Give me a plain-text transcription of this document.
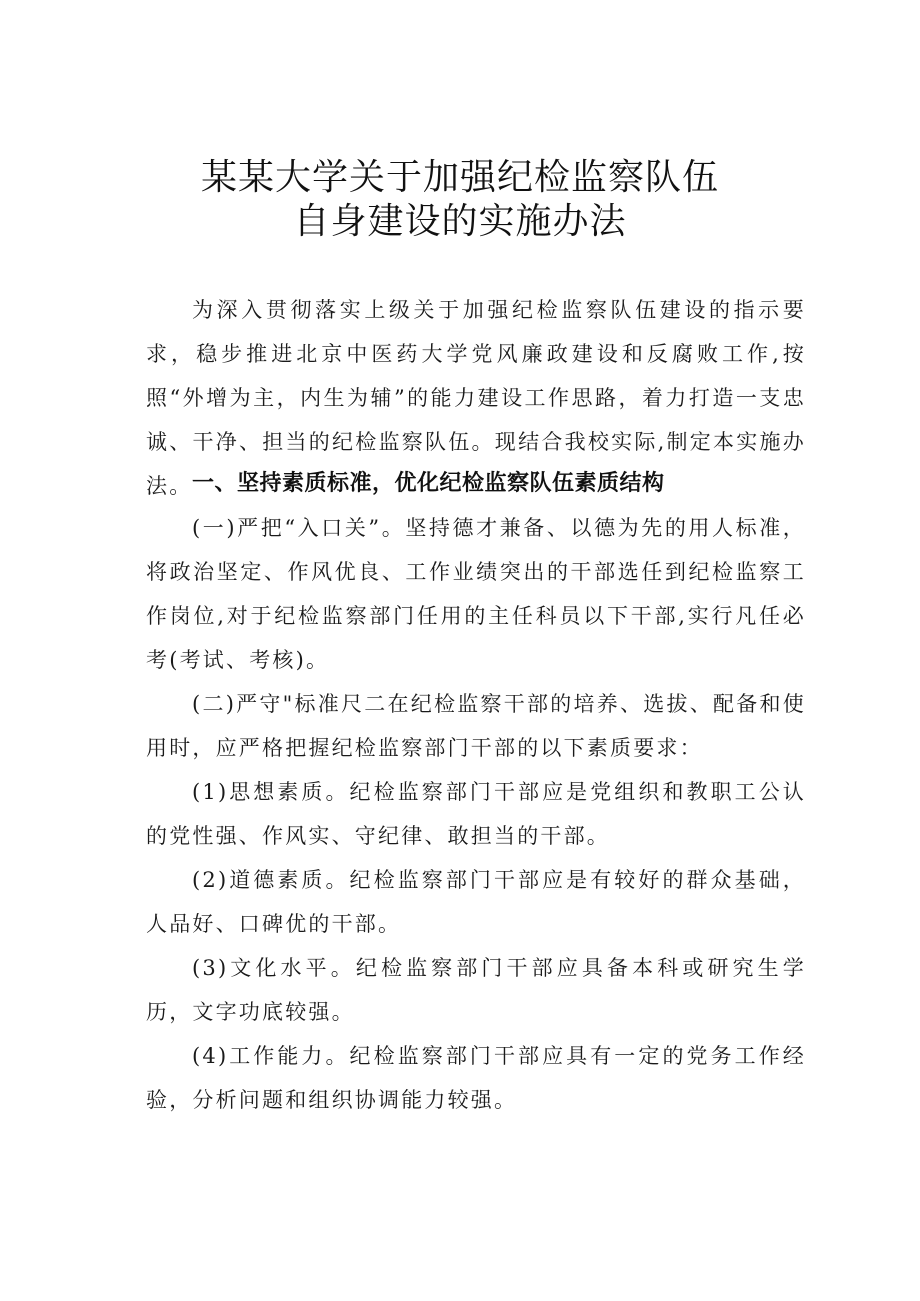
某某大学关于加强纪检监察队伍
自身建设的实施办法

为深入贯彻落实上级关于加强纪检监察队伍建设的指示要求，稳步推进北京中医药大学党风廉政建设和反腐败工作,按照“外增为主，内生为辅”的能力建设工作思路，着力打造一支忠诚、干净、担当的纪检监察队伍。现结合我校实际,制定本实施办法。 一、坚持素质标准，优化纪检监察队伍素质结构

(一)严把“入口关”。坚持德才兼备、以德为先的用人标准，将政治坚定、作风优良、工作业绩突出的干部选任到纪检监察工作岗位,对于纪检监察部门任用的主任科员以下干部,实行凡任必考(考试、考核)。

(二)严守"标准尺二在纪检监察干部的培养、选拔、配备和使用时，应严格把握纪检监察部门干部的以下素质要求：

(1)思想素质。纪检监察部门干部应是党组织和教职工公认的党性强、作风实、守纪律、敢担当的干部。

(2)道德素质。纪检监察部门干部应是有较好的群众基础，人品好、口碑优的干部。

(3)文化水平。纪检监察部门干部应具备本科或研究生学历，文字功底较强。

(4)工作能力。纪检监察部门干部应具有一定的党务工作经验，分析问题和组织协调能力较强。
